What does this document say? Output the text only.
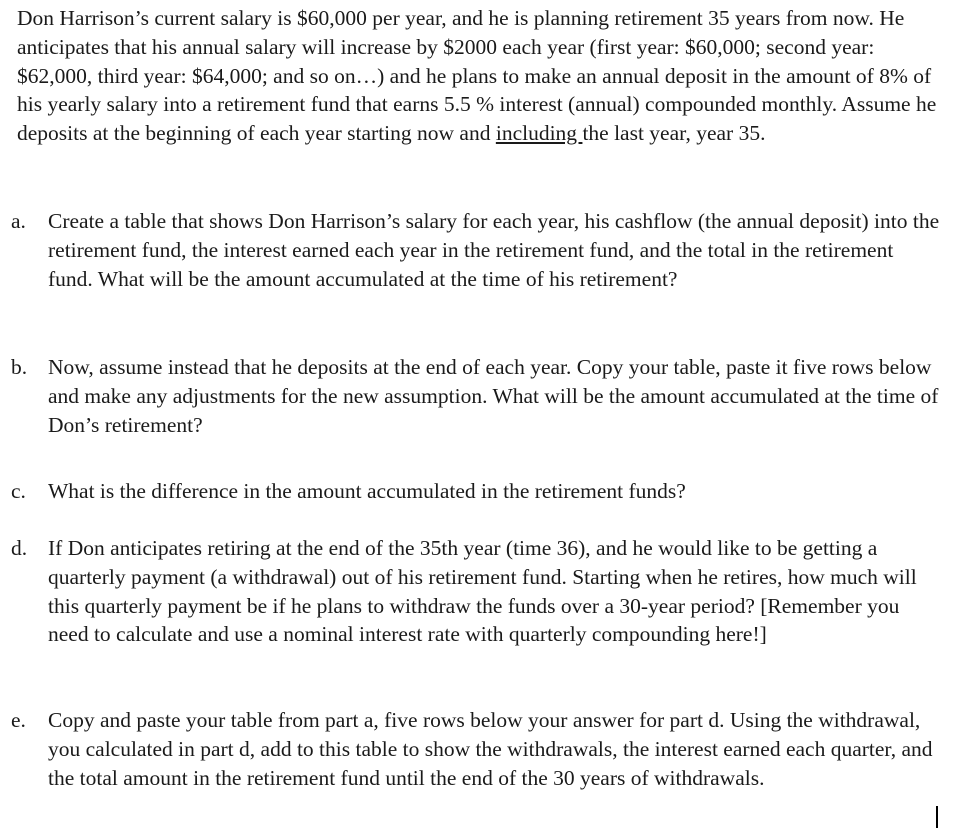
Don Harrison’s current salary is $60,000 per year, and he is planning retirement 35 years from now. He anticipates that his annual salary will increase by $2000 each year (first year: $60,000; second year: $62,000, third year: $64,000; and so on…) and he plans to make an annual deposit in the amount of 8% of his yearly salary into a retirement fund that earns 5.5 % interest (annual) compounded monthly. Assume he deposits at the beginning of each year starting now and including the last year, year 35.

a.	Create a table that shows Don Harrison’s salary for each year, his cashflow (the annual deposit) into the retirement fund, the interest earned each year in the retirement fund, and the total in the retirement fund. What will be the amount accumulated at the time of his retirement?
b. Now, assume instead that he deposits at the end of each year. Copy your table, paste it five rows below and make any adjustments for the new assumption. What will be the amount accumulated at the time of Don’s retirement?
c.	What is the difference in the amount accumulated in the retirement funds?
d. If Don anticipates retiring at the end of the 35th year (time 36), and he would like to be getting a quarterly payment (a withdrawal) out of his retirement fund. Starting when he retires, how much will this quarterly payment be if he plans to withdraw the funds over a 30-year period? [Remember you need to calculate and use a nominal interest rate with quarterly compounding here!]
e.	Copy and paste your table from part a, five rows below your answer for part d. Using the withdrawal, you calculated in part d, add to this table to show the withdrawals, the interest earned each quarter, and the total amount in the retirement fund until the end of the 30 years of withdrawals.
